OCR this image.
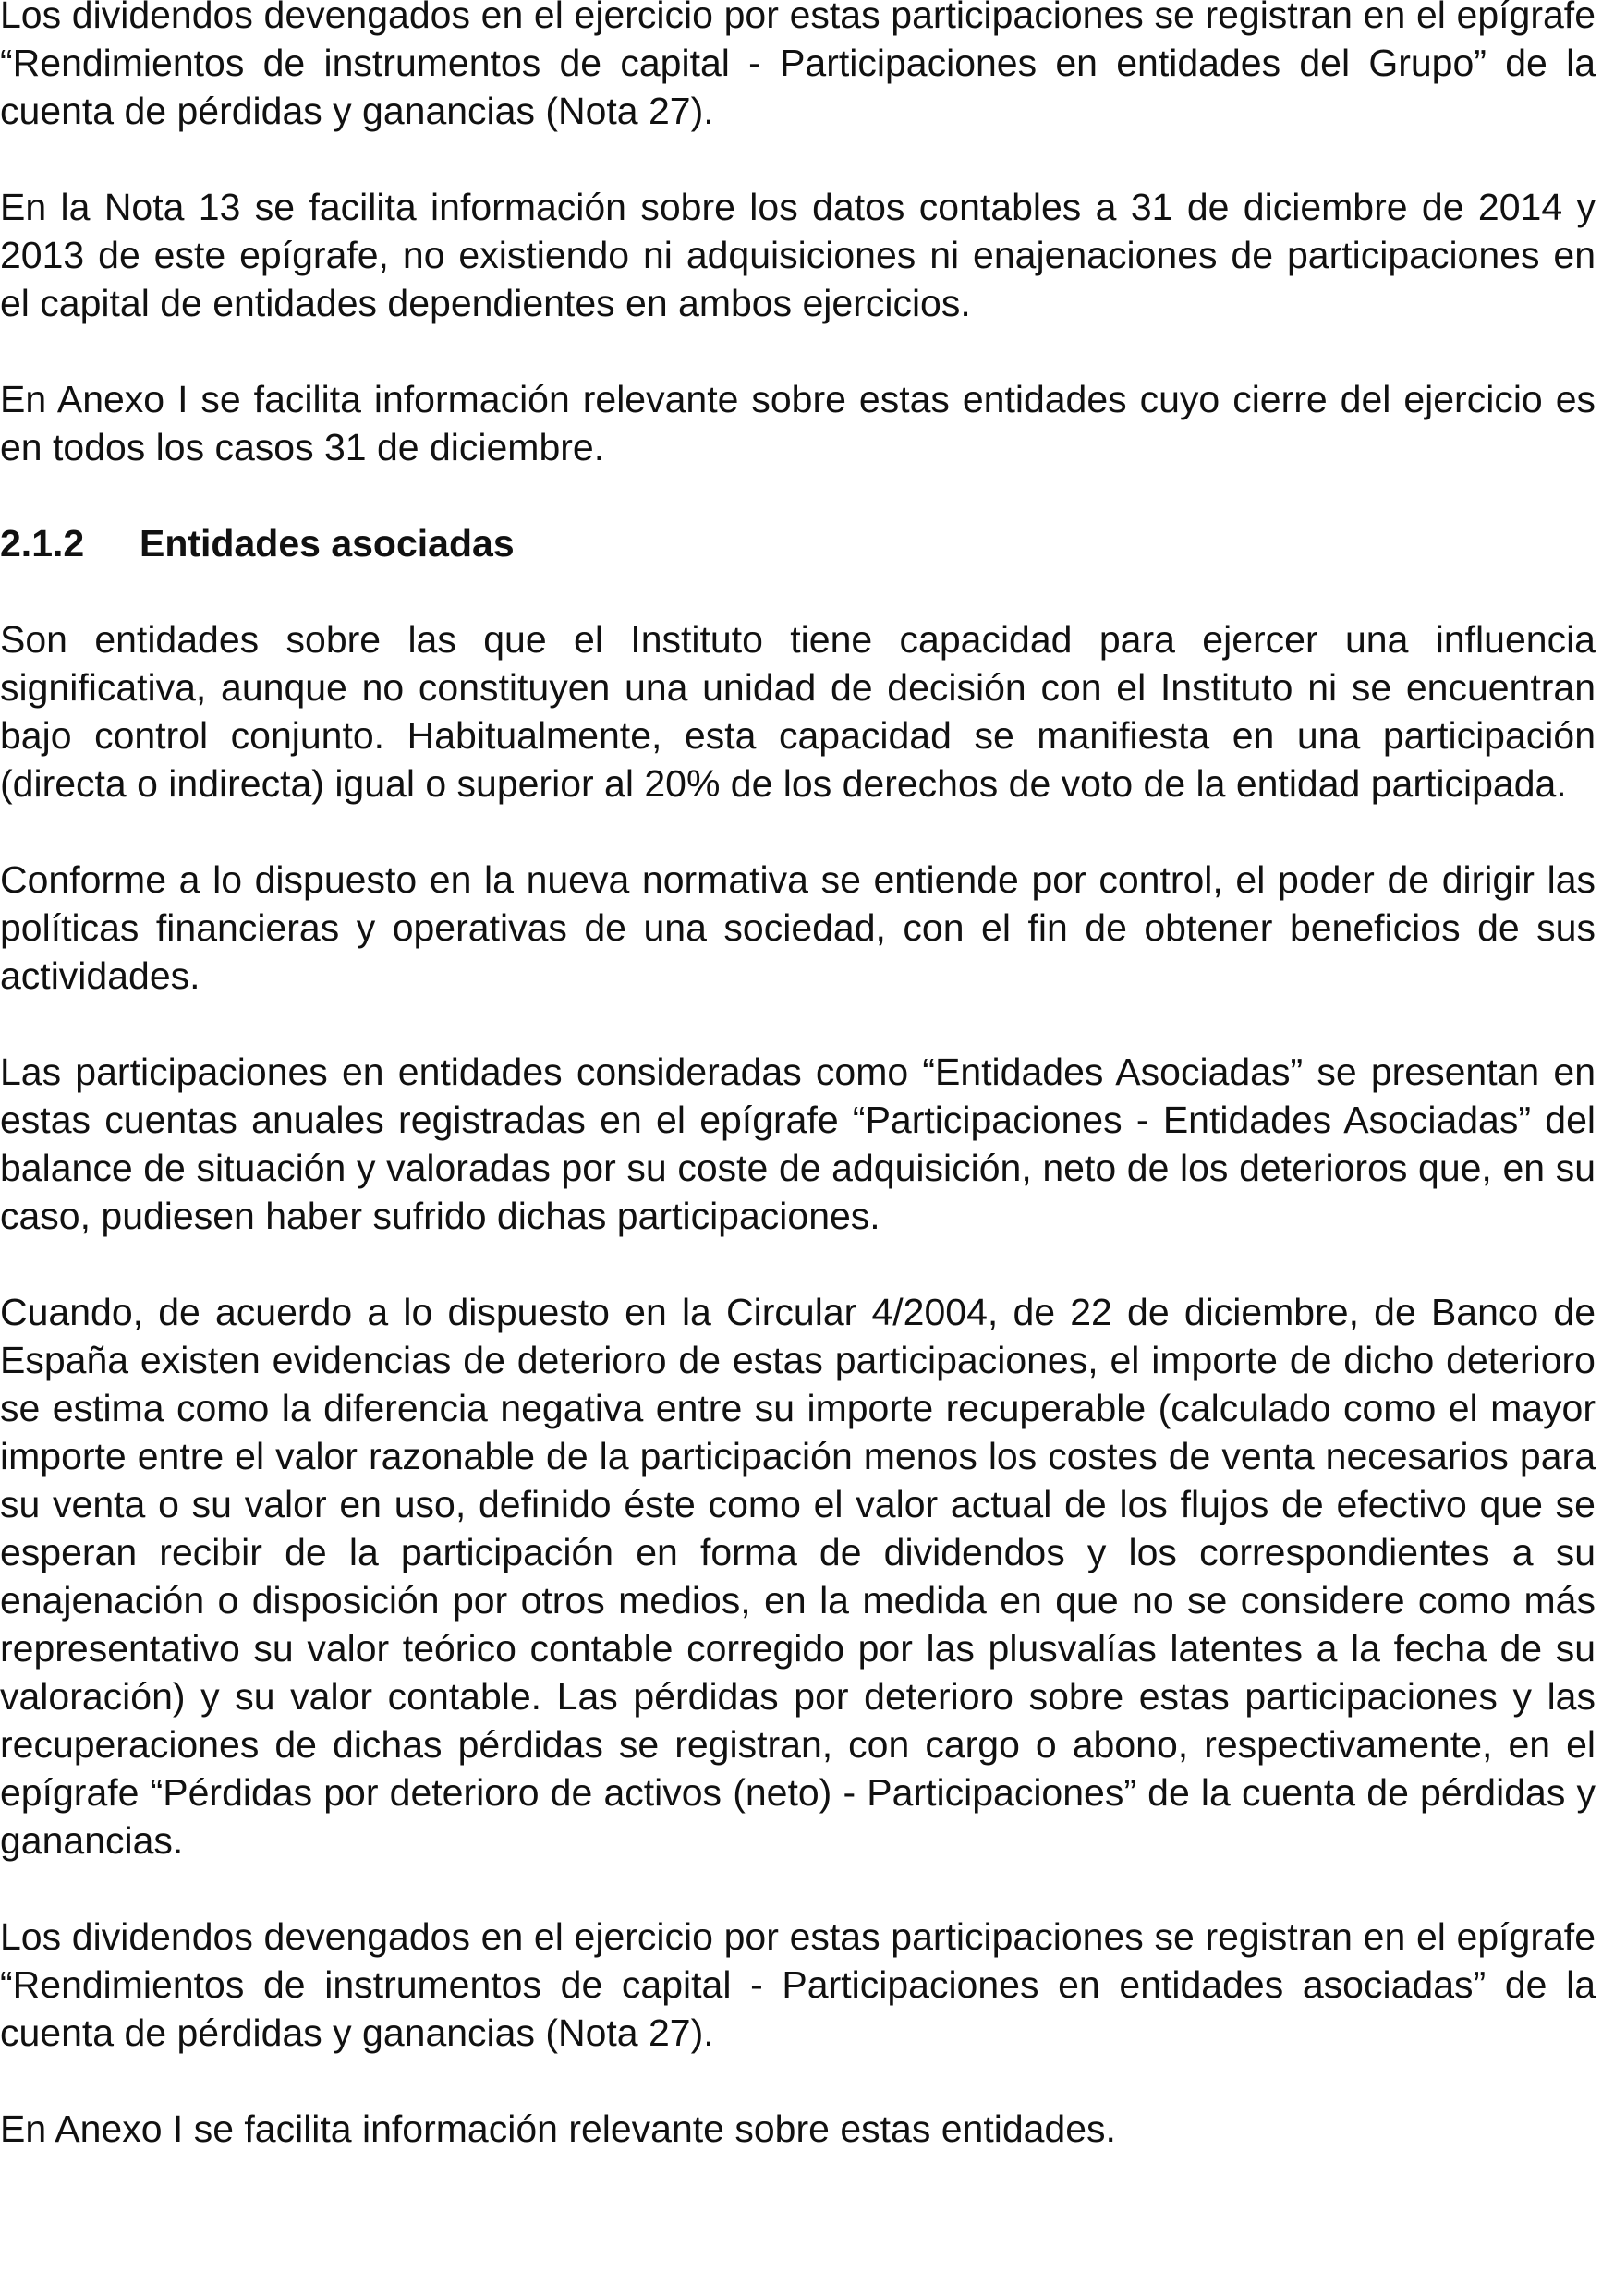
Los dividendos devengados en el ejercicio por estas participaciones se registran en el epígrafe “Rendimientos de instrumentos de capital - Participaciones en entidades del Grupo” de la cuenta de pérdidas y ganancias (Nota 27).

En la Nota 13 se facilita información sobre los datos contables a 31 de diciembre de 2014 y 2013 de este epígrafe, no existiendo ni adquisiciones ni enajenaciones de participaciones en el capital de entidades dependientes en ambos ejercicios.

En Anexo I se facilita información relevante sobre estas entidades cuyo cierre del ejercicio es en todos los casos 31 de diciembre.

2.1.2 Entidades asociadas

Son entidades sobre las que el Instituto tiene capacidad para ejercer una influencia significativa, aunque no constituyen una unidad de decisión con el Instituto ni se encuentran bajo control conjunto. Habitualmente, esta capacidad se manifiesta en una participación (directa o indirecta) igual o superior al 20% de los derechos de voto de la entidad participada.

Conforme a lo dispuesto en la nueva normativa se entiende por control, el poder de dirigir las políticas financieras y operativas de una sociedad, con el fin de obtener beneficios de sus actividades.

Las participaciones en entidades consideradas como “Entidades Asociadas” se presentan en estas cuentas anuales registradas en el epígrafe “Participaciones - Entidades Asociadas” del balance de situación y valoradas por su coste de adquisición, neto de los deterioros que, en su caso, pudiesen haber sufrido dichas participaciones.

Cuando, de acuerdo a lo dispuesto en la Circular 4/2004, de 22 de diciembre, de Banco de España existen evidencias de deterioro de estas participaciones, el importe de dicho deterioro se estima como la diferencia negativa entre su importe recuperable (calculado como el mayor importe entre el valor razonable de la participación menos los costes de venta necesarios para su venta o su valor en uso, definido éste como el valor actual de los flujos de efectivo que se esperan recibir de la participación en forma de dividendos y los correspondientes a su enajenación o disposición por otros medios, en la medida en que no se considere como más representativo su valor teórico contable corregido por las plusvalías latentes a la fecha de su valoración) y su valor contable. Las pérdidas por deterioro sobre estas participaciones y las recuperaciones de dichas pérdidas se registran, con cargo o abono, respectivamente, en el epígrafe “Pérdidas por deterioro de activos (neto) - Participaciones” de la cuenta de pérdidas y ganancias.

Los dividendos devengados en el ejercicio por estas participaciones se registran en el epígrafe “Rendimientos de instrumentos de capital - Participaciones en entidades asociadas” de la cuenta de pérdidas y ganancias (Nota 27).

En Anexo I se facilita información relevante sobre estas entidades.
